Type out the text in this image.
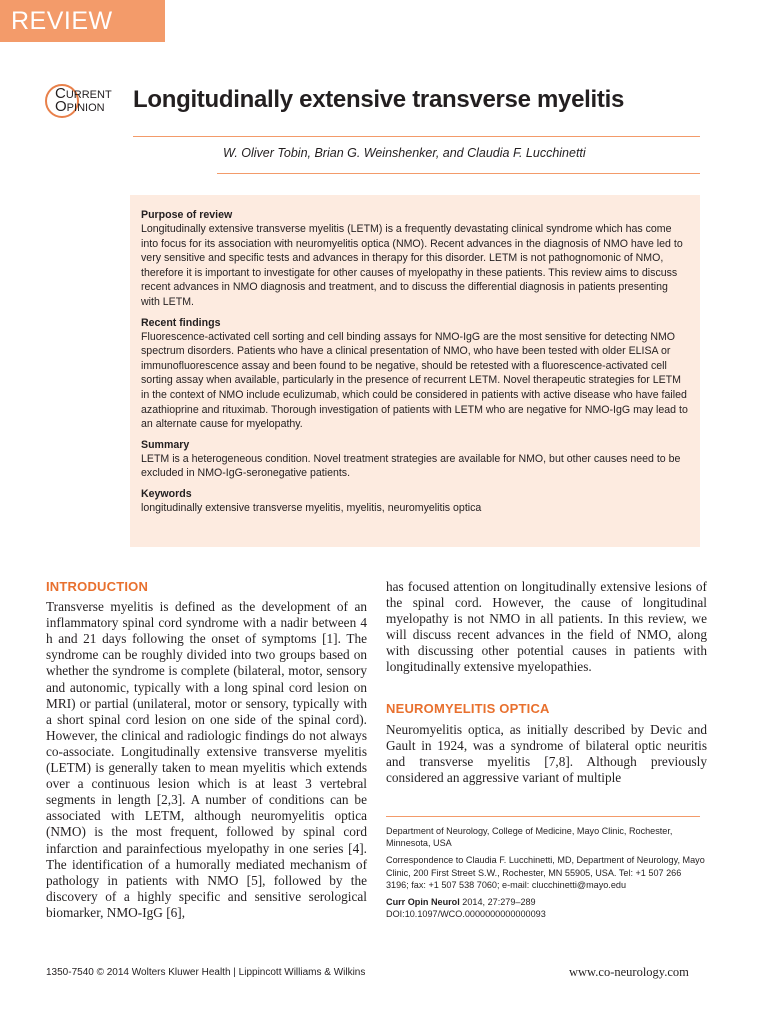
REVIEW
CURRENT
OPINION Longitudinally extensive transverse myelitis
W. Oliver Tobin, Brian G. Weinshenker, and Claudia F. Lucchinetti
Purpose of review

Longitudinally extensive transverse myelitis (LETM) is a frequently devastating clinical syndrome which has come into focus for its association with neuromyelitis optica (NMO). Recent advances in the diagnosis of NMO have led to very sensitive and specific tests and advances in therapy for this disorder. LETM is not pathognomonic of NMO, therefore it is important to investigate for other causes of myelopathy in these patients. This review aims to discuss recent advances in NMO diagnosis and treatment, and to discuss the differential diagnosis in patients presenting with LETM.

Recent findings

Fluorescence-activated cell sorting and cell binding assays for NMO-IgG are the most sensitive for detecting NMO spectrum disorders. Patients who have a clinical presentation of NMO, who have been tested with older ELISA or immunofluorescence assay and been found to be negative, should be retested with a fluorescence-activated cell sorting assay when available, particularly in the presence of recurrent LETM. Novel therapeutic strategies for LETM in the context of NMO include eculizumab, which could be considered in patients with active disease who have failed azathioprine and rituximab. Thorough investigation of patients with LETM who are negative for NMO-IgG may lead to an alternate cause for myelopathy.

Summary

LETM is a heterogeneous condition. Novel treatment strategies are available for NMO, but other causes need to be excluded in NMO-IgG-seronegative patients.

Keywords

longitudinally extensive transverse myelitis, myelitis, neuromyelitis optica

INTRODUCTION

Transverse myelitis is defined as the development of an inflammatory spinal cord syndrome with a nadir between 4 h and 21 days following the onset of symptoms [1]. The syndrome can be roughly divided into two groups based on whether the syndrome is complete (bilateral, motor, sensory and autonomic, typically with a long spinal cord lesion on MRI) or partial (unilateral, motor or sensory, typically with a short spinal cord lesion on one side of the spinal cord). However, the clinical and radiologic findings do not always co-associate. Longitudinally extensive transverse myelitis (LETM) is generally taken to mean myelitis which extends over a continuous lesion which is at least 3 vertebral segments in length [2,3]. A number of conditions can be associated with LETM, although neuromyelitis optica (NMO) is the most frequent, followed by spinal cord infarction and parainfectious myelopathy in one series [4]. The identification of a humorally mediated mechanism of pathology in patients with NMO [5], followed by the discovery of a highly specific and sensitive serological biomarker, NMO-IgG [6],

has focused attention on longitudinally extensive lesions of the spinal cord. However, the cause of longitudinal myelopathy is not NMO in all patients. In this review, we will discuss recent advances in the field of NMO, along with discussing other potential causes in patients with longitudinally extensive myelopathies.

NEUROMYELITIS OPTICA

Neuromyelitis optica, as initially described by Devic and Gault in 1924, was a syndrome of bilateral optic neuritis and transverse myelitis [7,8]. Although previously considered an aggressive variant of multiple

Department of Neurology, College of Medicine, Mayo Clinic, Rochester, Minnesota, USA

Correspondence to Claudia F. Lucchinetti, MD, Department of Neurology, Mayo Clinic, 200 First Street S.W., Rochester, MN 55905, USA. Tel: +1 507 266 3196; fax: +1 507 538 7060; e-mail: clucchinetti@mayo.edu

Curr Opin Neurol 2014, 27:279–289
DOI:10.1097/WCO.0000000000000093

1350-7540 © 2014 Wolters Kluwer Health | Lippincott Williams & Wilkins	www.co-neurology.com
